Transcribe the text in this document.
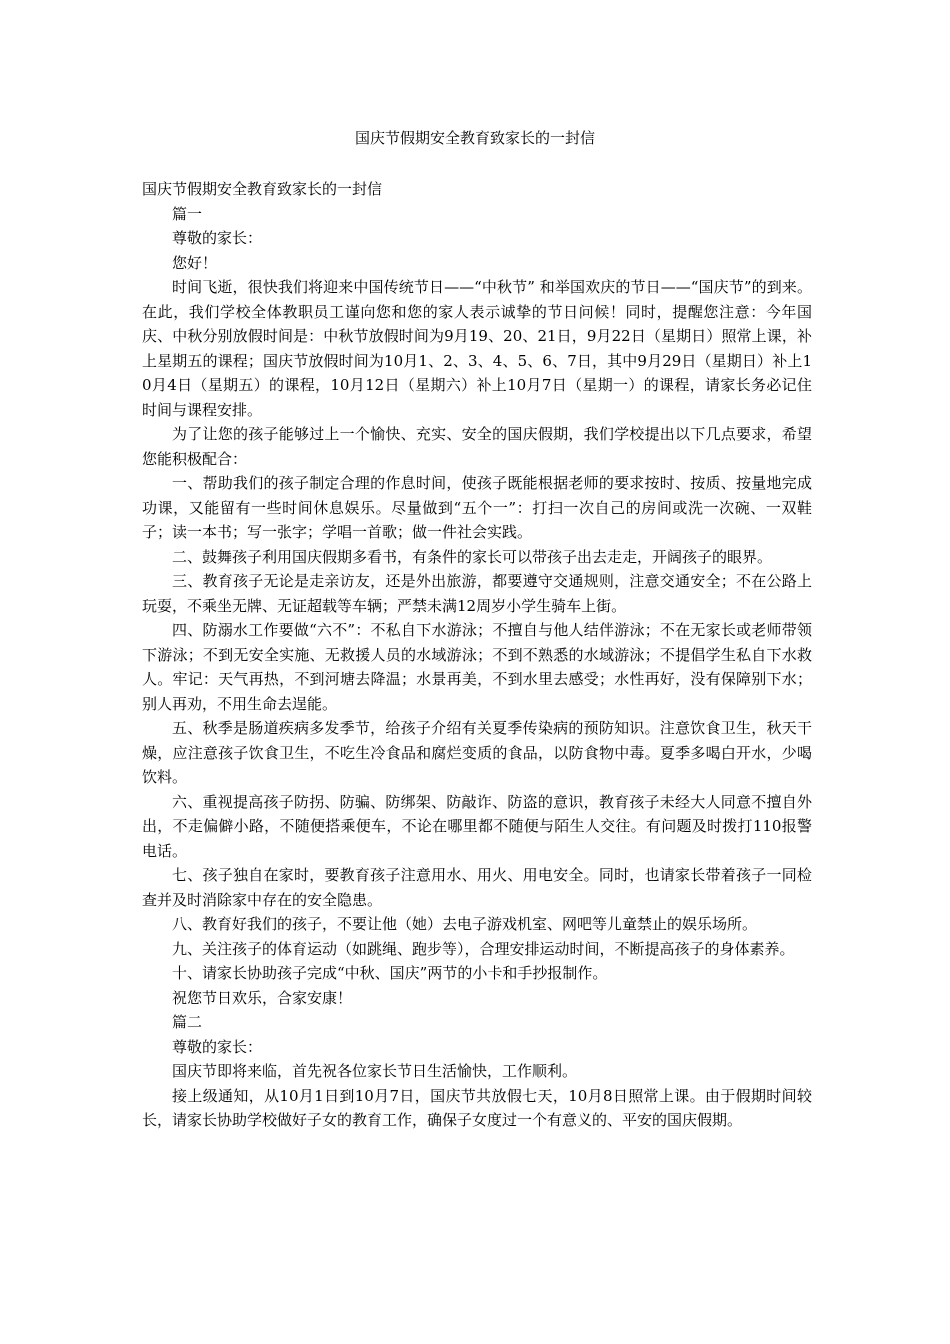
国庆节假期安全教育致家长的一封信

国庆节假期安全教育致家长的一封信

篇一

尊敬的家长：

您好！

时间飞逝，很快我们将迎来中国传统节日——“中秋节” 和举国欢庆的节日——“国庆节”的到来。在此，我们学校全体教职员工谨向您和您的家人表示诚挚的节日问候！同时，提醒您注意：今年国庆、中秋分别放假时间是：中秋节放假时间为9月19、20、21日，9月22日（星期日）照常上课，补上星期五的课程；国庆节放假时间为10月1、2、3、4、5、6、7日，其中9月29日（星期日）补上10月4日（星期五）的课程，10月12日（星期六）补上10月7日（星期一）的课程，请家长务必记住时间与课程安排。

为了让您的孩子能够过上一个愉快、充实、安全的国庆假期，我们学校提出以下几点要求，希望您能积极配合：

一、帮助我们的孩子制定合理的作息时间，使孩子既能根据老师的要求按时、按质、按量地完成功课，又能留有一些时间休息娱乐。尽量做到“五个一”：打扫一次自己的房间或洗一次碗、一双鞋子；读一本书；写一张字；学唱一首歌；做一件社会实践。

二、鼓舞孩子利用国庆假期多看书，有条件的家长可以带孩子出去走走，开阔孩子的眼界。

三、教育孩子无论是走亲访友，还是外出旅游，都要遵守交通规则，注意交通安全；不在公路上玩耍，不乘坐无牌、无证超载等车辆；严禁未满12周岁小学生骑车上街。

四、防溺水工作要做“六不”：不私自下水游泳；不擅自与他人结伴游泳；不在无家长或老师带领下游泳；不到无安全实施、无救援人员的水域游泳；不到不熟悉的水域游泳；不提倡学生私自下水救人。牢记：天气再热，不到河塘去降温；水景再美，不到水里去感受；水性再好，没有保障别下水；别人再劝，不用生命去逞能。

五、秋季是肠道疾病多发季节，给孩子介绍有关夏季传染病的预防知识。注意饮食卫生，秋天干燥，应注意孩子饮食卫生，不吃生冷食品和腐烂变质的食品，以防食物中毒。夏季多喝白开水，少喝饮料。

六、重视提高孩子防拐、防骗、防绑架、防敲诈、防盗的意识，教育孩子未经大人同意不擅自外出，不走偏僻小路，不随便搭乘便车，不论在哪里都不随便与陌生人交往。有问题及时拨打110报警电话。

七、孩子独自在家时，要教育孩子注意用水、用火、用电安全。同时，也请家长带着孩子一同检查并及时消除家中存在的安全隐患。

八、教育好我们的孩子，不要让他（她）去电子游戏机室、网吧等儿童禁止的娱乐场所。

九、关注孩子的体育运动（如跳绳、跑步等），合理安排运动时间，不断提高孩子的身体素养。

十、请家长协助孩子完成“中秋、国庆”两节的小卡和手抄报制作。

祝您节日欢乐，合家安康！

篇二

尊敬的家长：

国庆节即将来临，首先祝各位家长节日生活愉快，工作顺利。

接上级通知，从10月1日到10月7日，国庆节共放假七天，10月8日照常上课。由于假期时间较长，请家长协助学校做好子女的教育工作，确保子女度过一个有意义的、平安的国庆假期。
